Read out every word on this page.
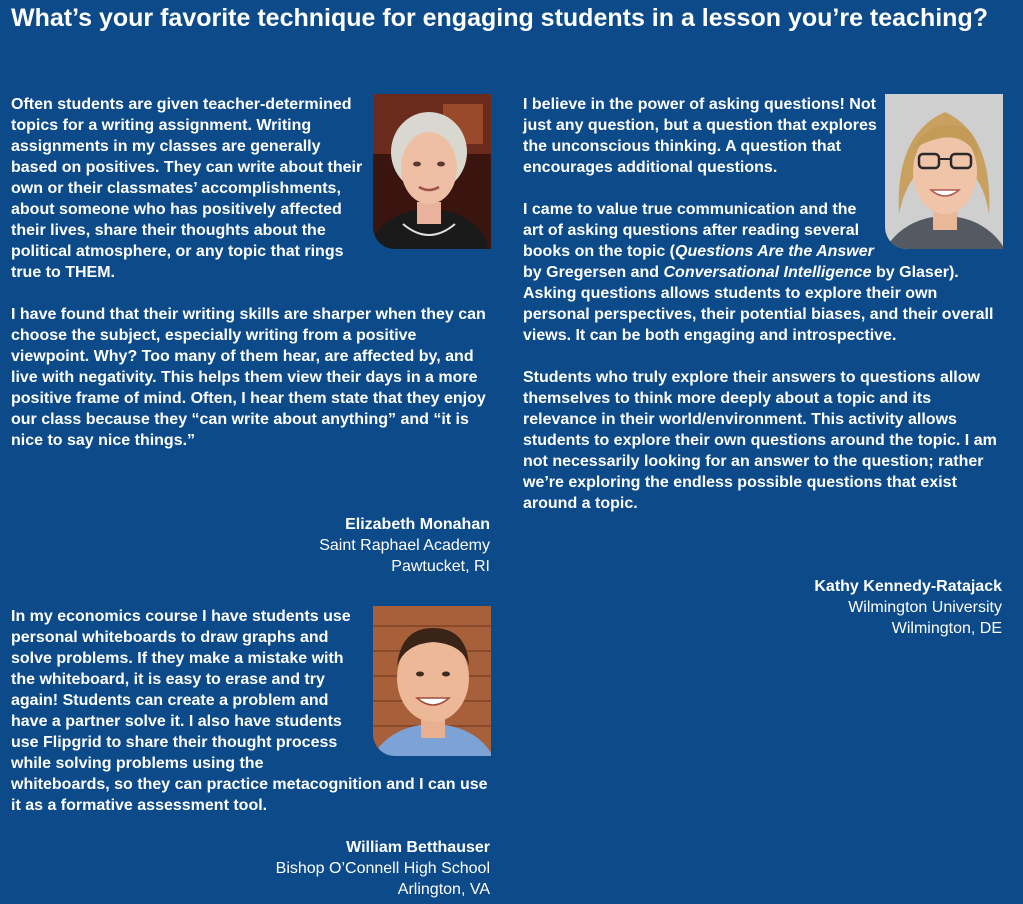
What’s your favorite technique for engaging students in a lesson you’re teaching?

Often students are given teacher-determined topics for a writing assignment. Writing assignments in my classes are generally based on positives. They can write about their own or their classmates’ accomplishments, about someone who has positively affected their lives, share their thoughts about the political atmosphere, or any topic that rings true to THEM.

I have found that their writing skills are sharper when they can choose the subject, especially writing from a positive viewpoint. Why? Too many of them hear, are affected by, and live with negativity. This helps them view their days in a more positive frame of mind. Often, I hear them state that they enjoy our class because they “can write about anything” and “it is nice to say nice things.”

Elizabeth Monahan
Saint Raphael Academy
Pawtucket, RI

In my economics course I have students use personal whiteboards to draw graphs and solve problems. If they make a mistake with the whiteboard, it is easy to erase and try again! Students can create a problem and have a partner solve it. I also have students use Flipgrid to share their thought process while solving problems using the whiteboards, so they can practice metacognition and I can use it as a formative assessment tool.

William Betthauser
Bishop O’Connell High School
Arlington, VA

I believe in the power of asking questions! Not just any question, but a question that explores the unconscious thinking. A question that encourages additional questions.

I came to value true communication and the art of asking questions after reading several books on the topic (Questions Are the Answer by Gregersen and Conversational Intelligence by Glaser). Asking questions allows students to explore their own personal perspectives, their potential biases, and their overall views. It can be both engaging and introspective.

Students who truly explore their answers to questions allow themselves to think more deeply about a topic and its relevance in their world/environment. This activity allows students to explore their own questions around the topic. I am not necessarily looking for an answer to the question; rather we’re exploring the endless possible questions that exist around a topic.

Kathy Kennedy-Ratajack
Wilmington University
Wilmington, DE
